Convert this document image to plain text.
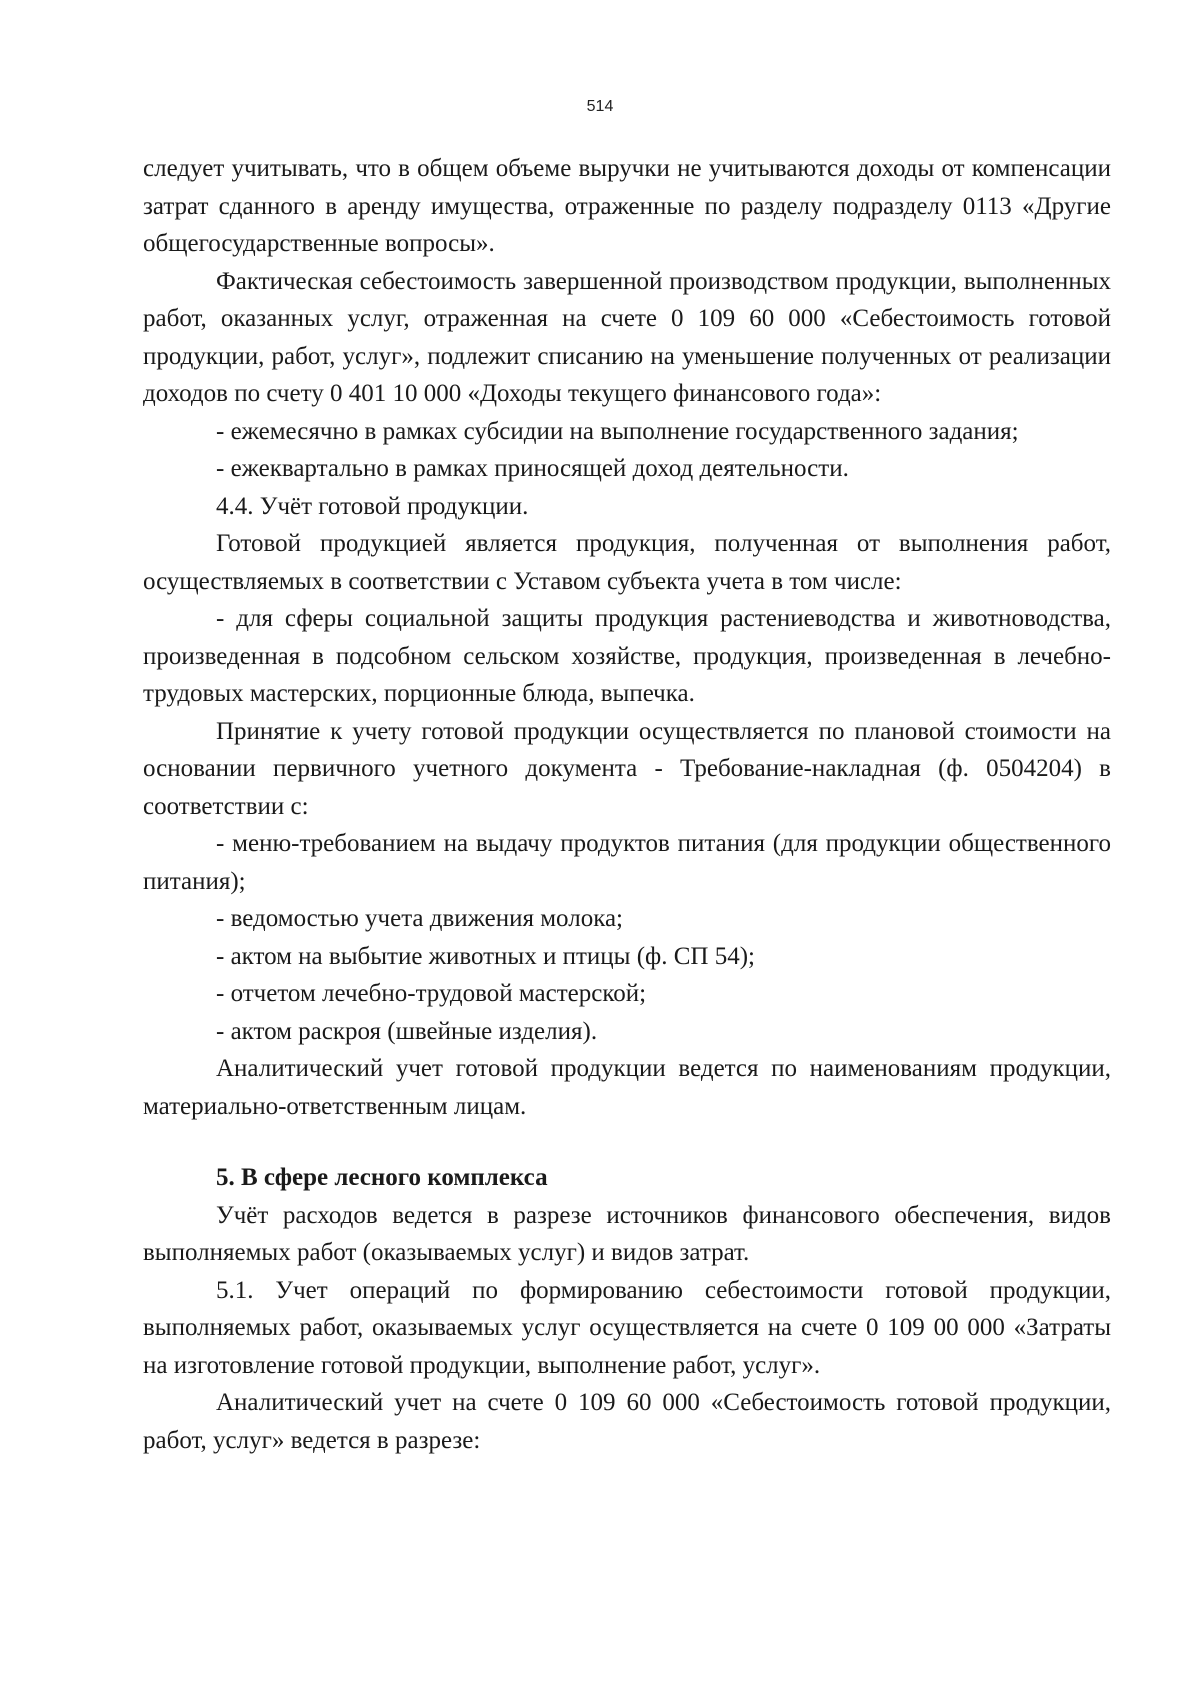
514

следует учитывать, что в общем объеме выручки не учитываются доходы от компенсации затрат сданного в аренду имущества, отраженные по разделу подразделу 0113 «Другие общегосударственные вопросы».

Фактическая себестоимость завершенной производством продукции, выполненных работ, оказанных услуг, отраженная на счете 0 109 60 000 «Себестоимость готовой продукции, работ, услуг», подлежит списанию на уменьшение полученных от реализации доходов по счету 0 401 10 000 «Доходы текущего финансового года»:

- ежемесячно в рамках субсидии на выполнение государственного задания;

- ежеквартально в рамках приносящей доход деятельности.

4.4. Учёт готовой продукции.

Готовой продукцией является продукция, полученная от выполнения работ, осуществляемых в соответствии с Уставом субъекта учета в том числе:

- для сферы социальной защиты продукция растениеводства и животноводства, произведенная в подсобном сельском хозяйстве, продукция, произведенная в лечебно-трудовых мастерских, порционные блюда, выпечка.

Принятие к учету готовой продукции осуществляется по плановой стоимости на основании первичного учетного документа - Требование-накладная (ф. 0504204) в соответствии с:

- меню-требованием на выдачу продуктов питания (для продукции общественного питания);

- ведомостью учета движения молока;

- актом на выбытие животных и птицы (ф. СП 54);

- отчетом лечебно-трудовой мастерской;

- актом раскроя (швейные изделия).

Аналитический учет готовой продукции ведется по наименованиям продукции, материально-ответственным лицам.

5. В сфере лесного комплекса

Учёт расходов ведется в разрезе источников финансового обеспечения, видов выполняемых работ (оказываемых услуг) и видов затрат.

5.1. Учет операций по формированию себестоимости готовой продукции, выполняемых работ, оказываемых услуг осуществляется на счете 0 109 00 000 «Затраты на изготовление готовой продукции, выполнение работ, услуг».

Аналитический учет на счете 0 109 60 000 «Себестоимость готовой продукции, работ, услуг» ведется в разрезе:
